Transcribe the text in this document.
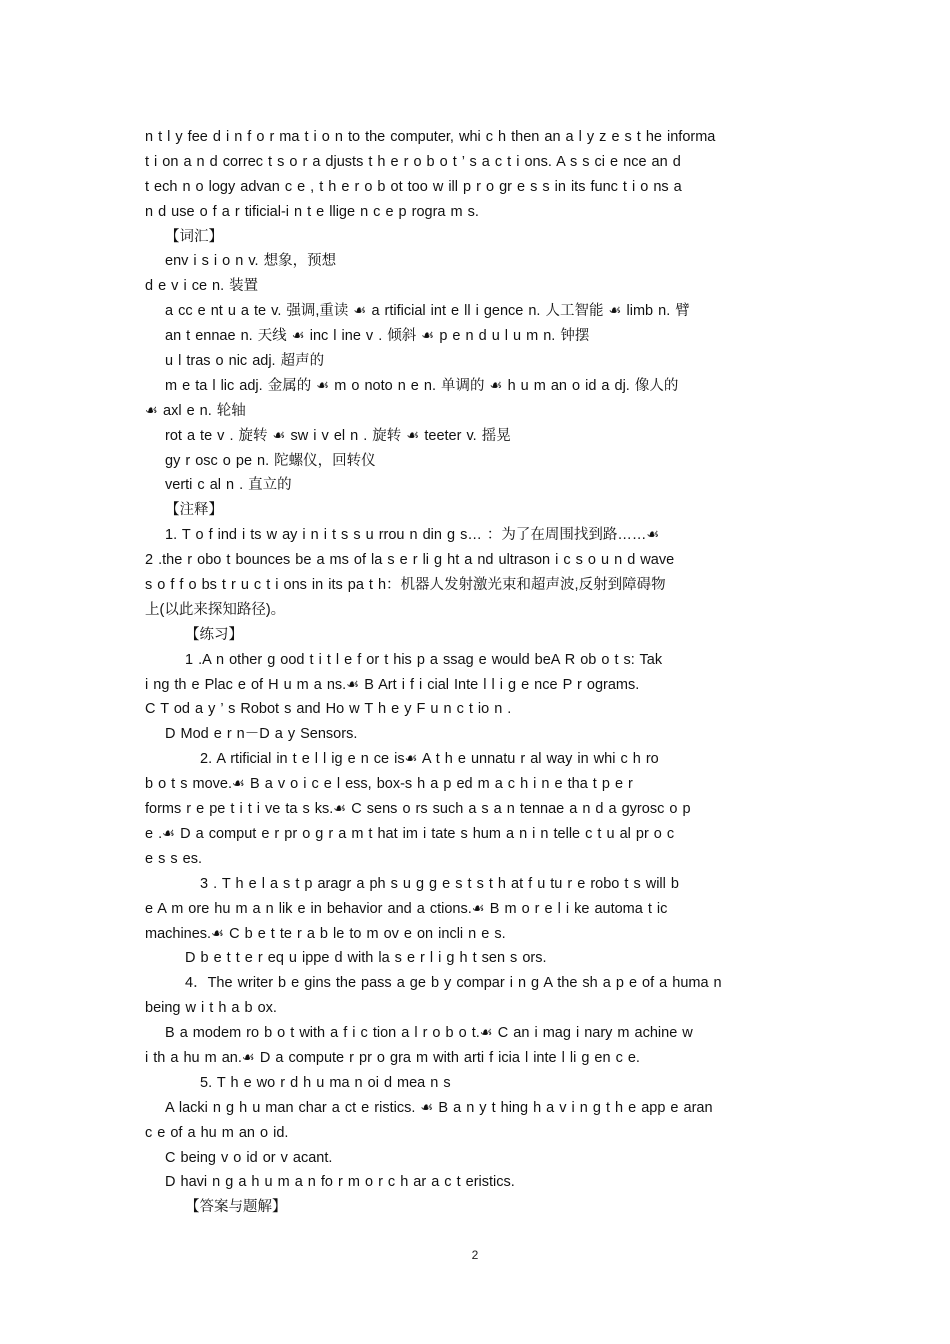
n t l y fee d i n f o r ma t i o n to the computer, whi c h then an a l y z e s t he informa
t i on a n d correc t s o r a djusts t h e r o b o t ’ s a c t i ons. A s s ci e nce an d
t ech n o logy advan c e , t h e r o b ot too w ill p r o gr e s s in its func t i o ns a
n d use o f a r tificial-i n t e llige n c e p rogra m s.
【词汇】
env i s i o n v. 想象，预想
d e v i ce n. 装置
a cc e nt u a te v. 强调,重读 ☙ a rtificial int e ll i gence n. 人工智能 ☙ limb n. 臂
an t ennae n. 天线 ☙ inc l ine v . 倾斜 ☙ p e n d u l u m n. 钟摆
u l tras o nic adj. 超声的
m e ta l lic adj. 金属的 ☙ m o noto n e n. 单调的 ☙ h u m an o id a dj. 像人的
☙ axl e n. 轮轴
rot a te v . 旋转 ☙ sw i v el n . 旋转 ☙ teeter v. 摇晃
gy r osc o pe n. 陀螺仪，回转仪
verti c al n . 直立的
【注释】
1. T o f ind i ts w ay i n i t s s u rrou n din g s… ：为了在周围找到路……☙
2 .the r obo t bounces be a ms of la s e r li g ht a nd ultrason i c s o u n d wave
s o f f o bs t r u c t i ons in its pa t h：机器人发射激光束和超声波,反射到障碍物
上(以此来探知路径)。
【练习】
1 .A n other g ood t i t l e f or t his p a ssag e would beA R ob o t s: Tak
i ng th e Plac e of H u m a ns.☙ B Art i f i cial Inte l l i g e nce P r ograms.
C T od a y ’ s Robot s and Ho w T h e y F u n c t io n .
D Mod e r n－D a y Sensors.
2. A rtificial in t e l l ig e n ce is☙ A t h e unnatu r al way in whi c h ro
b o t s move.☙ B a v o i c e l ess, box-s h a p ed m a c h i n e tha t p e r
forms r e pe t i t i ve ta s ks.☙ C sens o rs such a s a n tennae a n d a gyrosc o p
e .☙ D a comput e r pr o g r a m t hat im i tate s hum a n i n telle c t u al pr o c
e s s es.
3 . T h e l a s t p aragr a ph s u g g e s t s t h at f u tu r e robo t s will b
e A m ore hu m a n lik e in behavior and a ctions.☙ B m o r e l i ke automa t ic
machines.☙ C b e t te r a b le to m ov e on incli n e s.
D b e t t e r eq u ippe d with la s e r l i g h t sen s ors.
4．The writer b e gins the pass a ge b y compar i n g A the sh a p e of a huma n
being w i t h a b ox.
B a modem ro b o t with a f i c tion a l r o b o t.☙ C an i mag i nary m achine w
i th a hu m an.☙ D a compute r pr o gra m with arti f icia l inte l li g en c e.
5. T h e wo r d h u ma n oi d mea n s
A lacki n g h u man char a ct e ristics. ☙ B a n y t hing h a v i n g t h e app e aran
c e of a hu m an o id.
C being v o id or v acant.
D havi n g a h u m a n fo r m o r c h ar a c t eristics.
【答案与题解】
2
